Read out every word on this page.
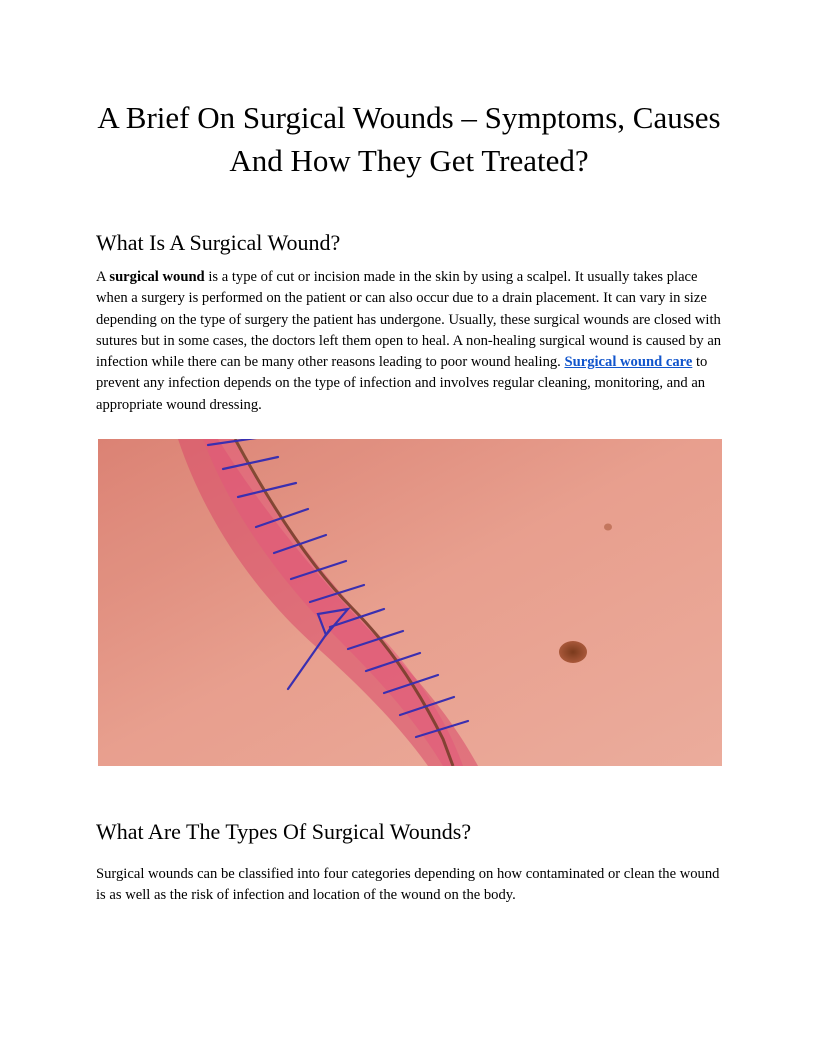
A Brief On Surgical Wounds – Symptoms, Causes And How They Get Treated?
What Is A Surgical Wound?

A surgical wound is a type of cut or incision made in the skin by using a scalpel. It usually takes place when a surgery is performed on the patient or can also occur due to a drain placement. It can vary in size depending on the type of surgery the patient has undergone. Usually, these surgical wounds are closed with sutures but in some cases, the doctors left them open to heal. A non-healing surgical wound is caused by an infection while there can be many other reasons leading to poor wound healing. Surgical wound care to prevent any infection depends on the type of infection and involves regular cleaning, monitoring, and an appropriate wound dressing.

What Are The Types Of Surgical Wounds?

Surgical wounds can be classified into four categories depending on how contaminated or clean the wound is as well as the risk of infection and location of the wound on the body.
